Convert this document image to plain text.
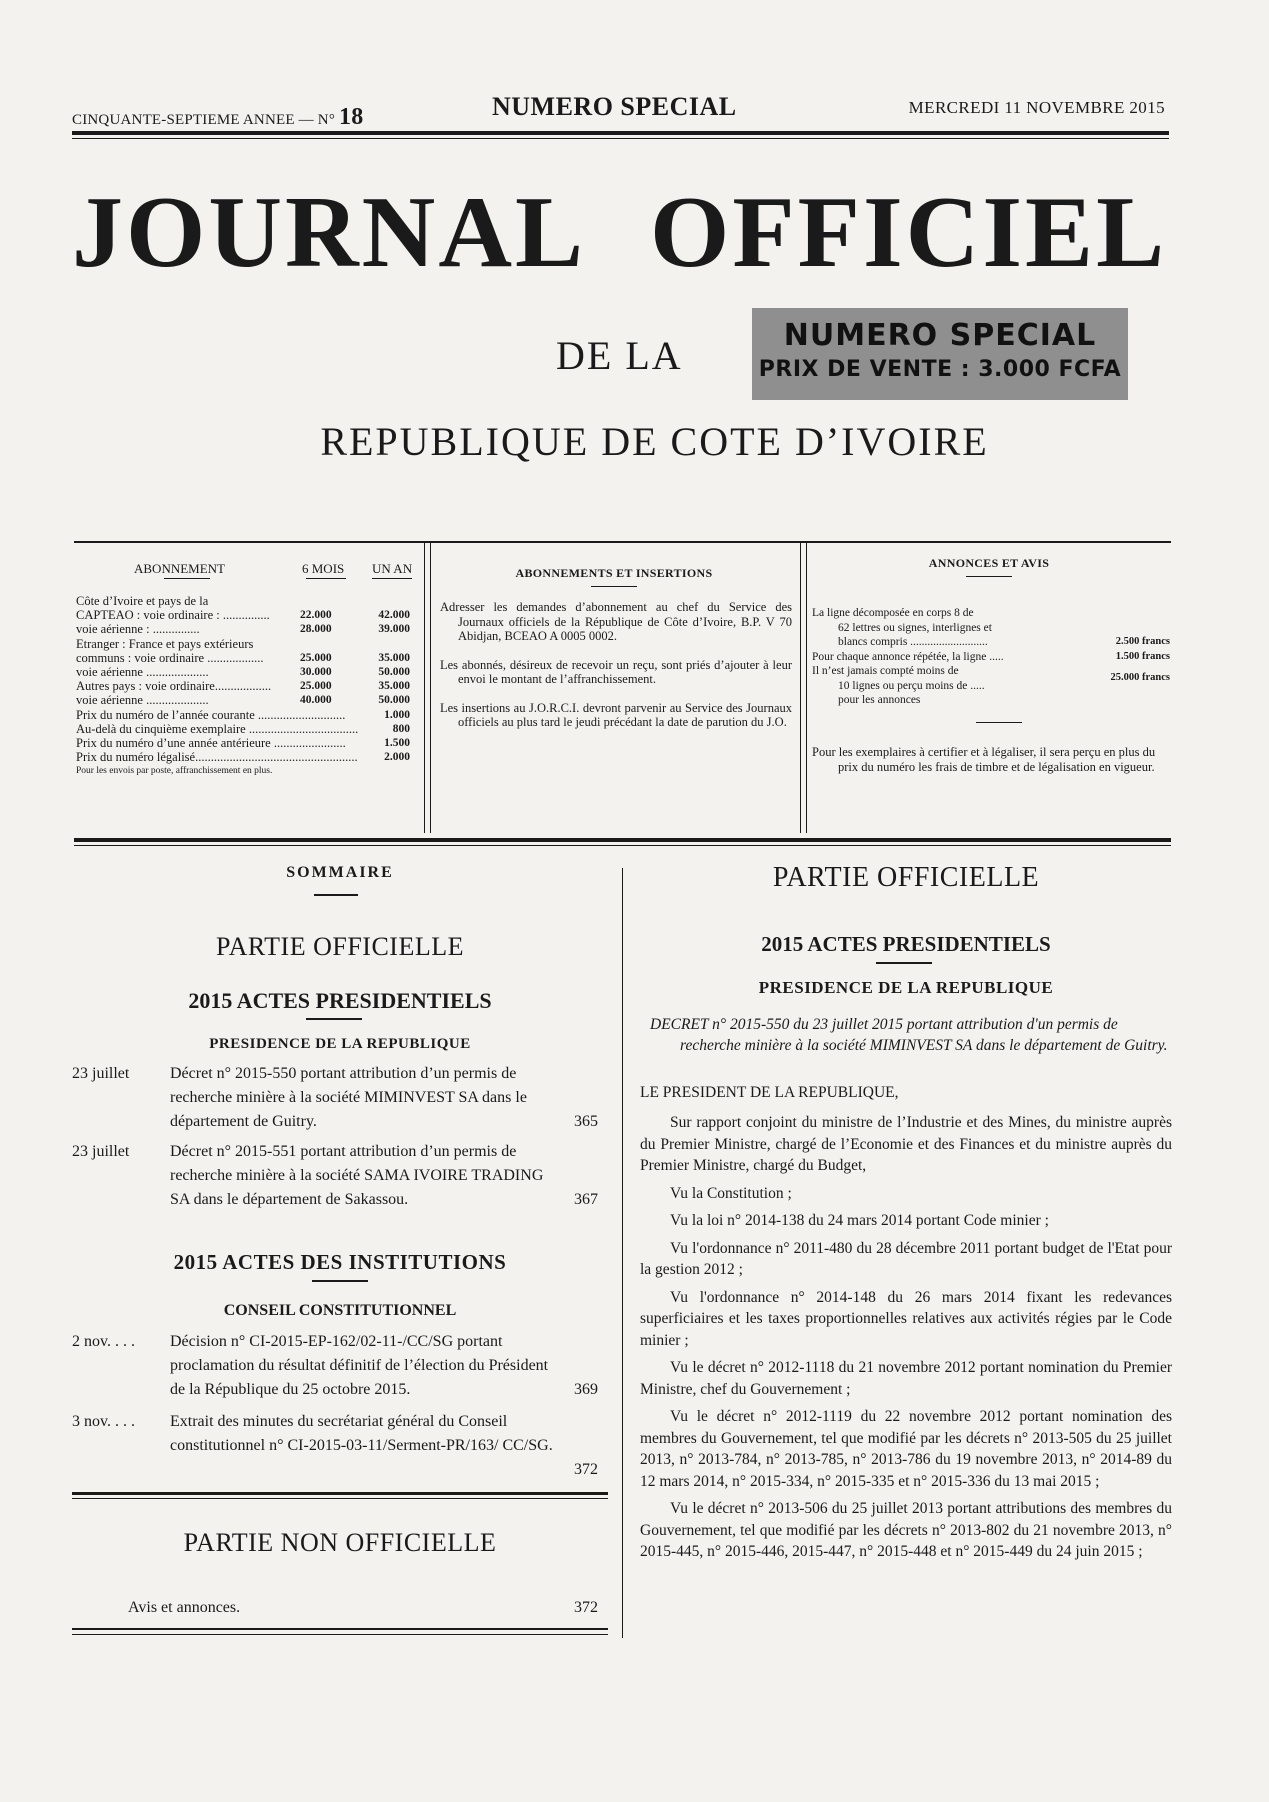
CINQUANTE-SEPTIEME ANNEE — N° 18	NUMERO SPECIAL	MERCREDI 11 NOVEMBRE 2015
JOURNAL OFFICIEL
DE LA	NUMERO SPECIAL
PRIX DE VENTE : 3.000 FCFA
REPUBLIQUE DE COTE D’IVOIRE
ABONNEMENT	6 MOIS UN AN
Côte d’Ivoire et pays de la
CAPTEAO : voie ordinaire : ...............	22.000	42.000
voie aérienne : ...............	28.000	39.000
Etranger : France et pays extérieurs
communs : voie ordinaire ..................	25.000	35.000
voie aérienne ....................	30.000	50.000
Autres pays : voie ordinaire..................	25.000	35.000
voie aérienne ....................	40.000	50.000
Prix du numéro de l’année courante ............................	1.000
Au-delà du cinquième exemplaire ...................................	800
Prix du numéro d’une année antérieure .......................	1.500
Prix du numéro légalisé.................................................... 2.000
Pour les envois par poste, affranchissement en plus.
ABONNEMENTS ET INSERTIONS

Adresser les demandes d’abonnement au chef du Service des Journaux officiels de la République de Côte d’Ivoire, B.P. V 70 Abidjan, BCEAO A 0005 0002.

Les abonnés, désireux de recevoir un reçu, sont priés d’ajouter à leur envoi le montant de l’affranchissement.

Les insertions au J.O.R.C.I. devront parvenir au Service des Journaux officiels au plus tard le jeudi précédant la date de parution du J.O.

ANNONCES ET AVIS
La ligne décomposée en corps 8 de
62 lettres ou signes, interlignes et
blancs compris ...........................	2.500 francs
Pour chaque annonce répétée, la ligne .....	1.500 francs
Il n’est jamais compté moins de
10 lignes ou perçu moins de .....
25.000 francs
pour les annonces
Pour les exemplaires à certifier et à légaliser, il sera perçu en plus du prix du numéro les frais de timbre et de légalisation en vigueur.
SOMMAIRE
PARTIE OFFICIELLE
2015 ACTES PRESIDENTIELS
PRESIDENCE DE LA REPUBLIQUE
23 juillet	Décret n° 2015-550 portant attribution d’un permis de recherche minière à la société MIMINVEST SA dans le département de Guitry.	365
23 juillet	Décret n° 2015-551 portant attribution d’un permis de recherche minière à la société SAMA IVOIRE TRADING SA dans le département de Sakassou.	367
2015 ACTES DES INSTITUTIONS
CONSEIL CONSTITUTIONNEL
2 nov. . . . Décision n° CI-2015-EP-162/02-11-/CC/SG portant proclamation du résultat définitif de l’élection du Président de la République du 25 octobre 2015.	369
3 nov. . . . Extrait des minutes du secrétariat général du Conseil constitutionnel n° CI-2015-03-11/Serment-PR/163/ CC/SG.
372
PARTIE NON OFFICIELLE
Avis et annonces.	372
PARTIE OFFICIELLE
2015 ACTES PRESIDENTIELS
PRESIDENCE DE LA REPUBLIQUE
DECRET n° 2015-550 du 23 juillet 2015 portant attribution d'un permis de recherche minière à la société MIMINVEST SA dans le département de Guitry.
LE PRESIDENT DE LA REPUBLIQUE,

Sur rapport conjoint du ministre de l’Industrie et des Mines, du ministre auprès du Premier Ministre, chargé de l’Economie et des Finances et du ministre auprès du Premier Ministre, chargé du Budget,

Vu la Constitution ;

Vu la loi n° 2014-138 du 24 mars 2014 portant Code minier ;

Vu l'ordonnance n° 2011-480 du 28 décembre 2011 portant budget de l'Etat pour la gestion 2012 ;

Vu l'ordonnance n° 2014-148 du 26 mars 2014 fixant les redevances superficiaires et les taxes proportionnelles relatives aux activités régies par le Code minier ;

Vu le décret n° 2012-1118 du 21 novembre 2012 portant nomination du Premier Ministre, chef du Gouvernement ;

Vu le décret n° 2012-1119 du 22 novembre 2012 portant nomination des membres du Gouvernement, tel que modifié par les décrets n° 2013-505 du 25 juillet 2013, n° 2013-784, n° 2013-785, n° 2013-786 du 19 novembre 2013, n° 2014-89 du 12 mars 2014, n° 2015-334, n° 2015-335 et n° 2015-336 du 13 mai 2015 ;

Vu le décret n° 2013-506 du 25 juillet 2013 portant attributions des membres du Gouvernement, tel que modifié par les décrets n° 2013-802 du 21 novembre 2013, n° 2015-445, n° 2015-446, 2015-447, n° 2015-448 et n° 2015-449 du 24 juin 2015 ;
